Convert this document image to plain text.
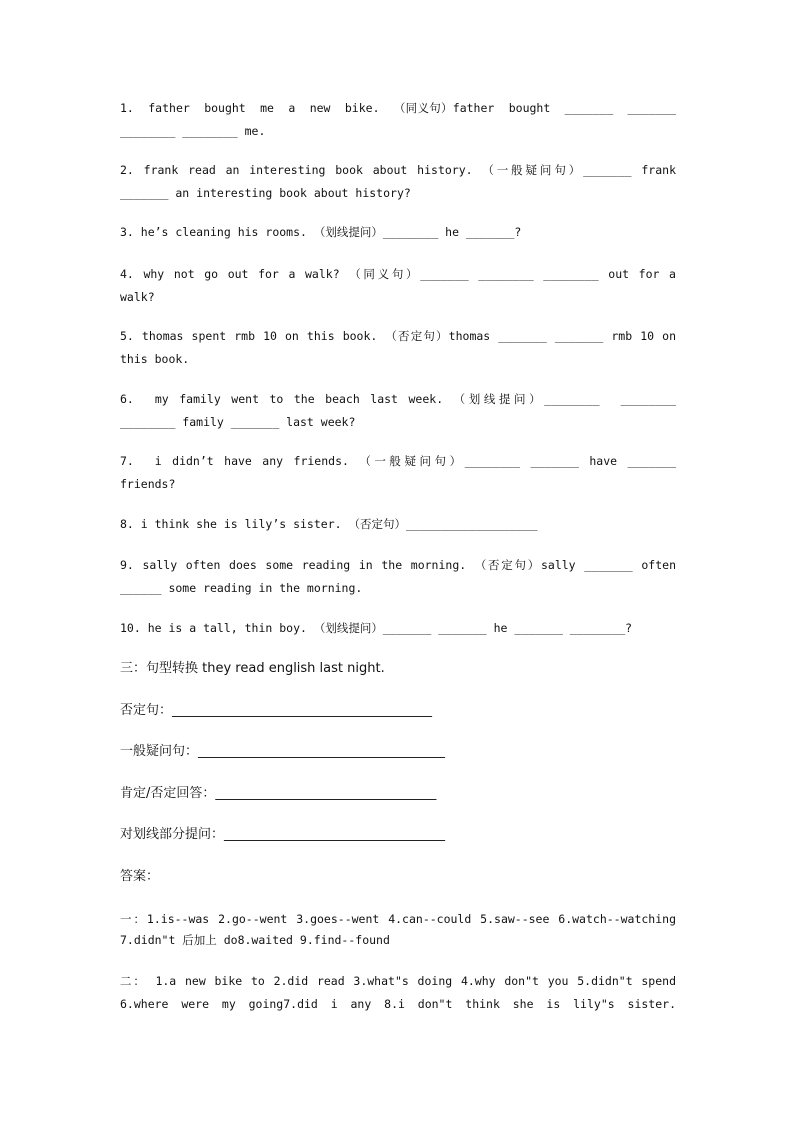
1.  father  bought  me  a  new  bike.  （同义句）father  bought  _______  _______
________ ________ me.
2. frank read an interesting book about history. （一般疑问句）_______ frank
_______ an interesting book about history?
3. he’s cleaning his rooms. （划线提问）________ he _______?
4. why not go out for a walk? （同义句）_______ ________ ________ out for a
walk?
5. thomas spent rmb 10 on this book. （否定句）thomas _______ _______ rmb 10 on
this book.
6.  my family went to the beach last week. （划线提问）________  ________
________ family _______ last week?
7.  i didn’t have any friends. （一般疑问句）________ _______ have _______
friends?
8. i think she is lily’s sister. （否定句）___________________
9. sally often does some reading in the morning. （否定句）sally _______ often
______ some reading in the morning.
10. he is a tall, thin boy. （划线提问）_______ _______ he _______ ________?
三：句型转换 they read english last night.
否定句：________________________________________
一般疑问句：______________________________________
肯定/否定回答：__________________________________
对划线部分提问：__________________________________
答案：
一：1.is--was 2.go--went 3.goes--went 4.can--could 5.saw--see 6.watch--watching
7.didn"t 后加上 do8.waited 9.find--found
二： 1.a new bike to 2.did read 3.what"s doing 4.why don"t you 5.didn"t spend
6.where were my going7.did i any 8.i don"t think she is lily"s sister.
